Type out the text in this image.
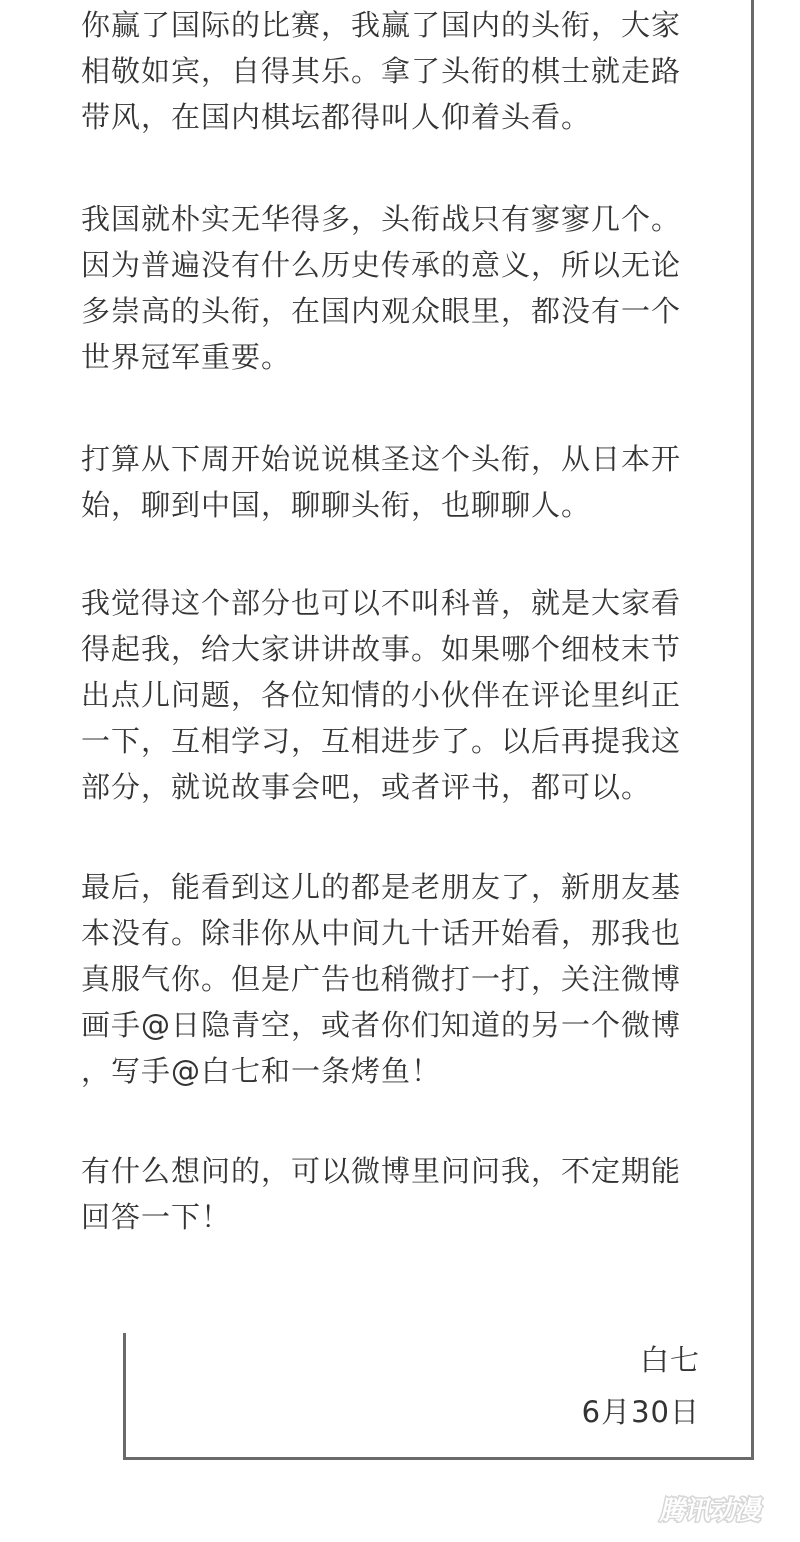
你赢了国际的比赛，我赢了国内的头衔，大家
相敬如宾，自得其乐。拿了头衔的棋士就走路
带风，在国内棋坛都得叫人仰着头看。
我国就朴实无华得多，头衔战只有寥寥几个。
因为普遍没有什么历史传承的意义，所以无论
多崇高的头衔，在国内观众眼里，都没有一个
世界冠军重要。
打算从下周开始说说棋圣这个头衔，从日本开
始，聊到中国，聊聊头衔，也聊聊人。
我觉得这个部分也可以不叫科普，就是大家看
得起我，给大家讲讲故事。如果哪个细枝末节
出点儿问题，各位知情的小伙伴在评论里纠正
一下，互相学习，互相进步了。以后再提我这
部分，就说故事会吧，或者评书，都可以。
最后，能看到这儿的都是老朋友了，新朋友基
本没有。除非你从中间九十话开始看，那我也
真服气你。但是广告也稍微打一打，关注微博
画手@日隐青空，或者你们知道的另一个微博
，写手@白七和一条烤鱼！
有什么想问的，可以微博里问问我，不定期能
回答一下！
白七
6月30日
腾讯动漫
